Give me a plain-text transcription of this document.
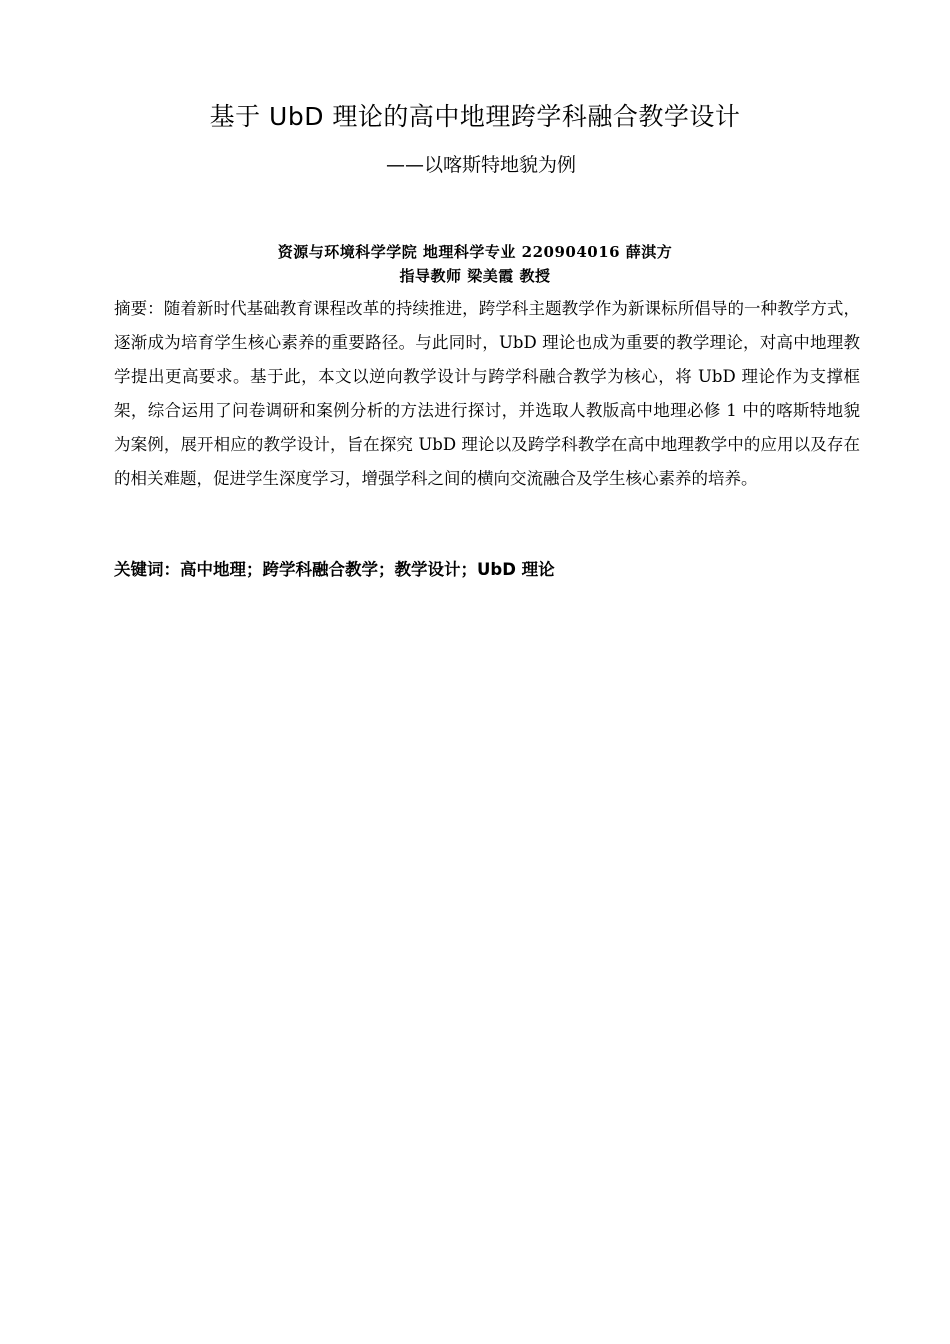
基于 UbD 理论的高中地理跨学科融合教学设计
——以喀斯特地貌为例
资源与环境科学学院 地理科学专业 220904016 薛淇方
指导教师 梁美霞 教授
摘要：随着新时代基础教育课程改革的持续推进，跨学科主题教学作为新课标所倡导的一种教学方式，逐渐成为培育学生核心素养的重要路径。与此同时，UbD 理论也成为重要的教学理论，对高中地理教学提出更高要求。基于此，本文以逆向教学设计与跨学科融合教学为核心，将 UbD 理论作为支撑框架，综合运用了问卷调研和案例分析的方法进行探讨，并选取人教版高中地理必修 1 中的喀斯特地貌为案例，展开相应的教学设计，旨在探究 UbD 理论以及跨学科教学在高中地理教学中的应用以及存在的相关难题，促进学生深度学习，增强学科之间的横向交流融合及学生核心素养的培养。
关键词：高中地理；跨学科融合教学；教学设计；UbD 理论
